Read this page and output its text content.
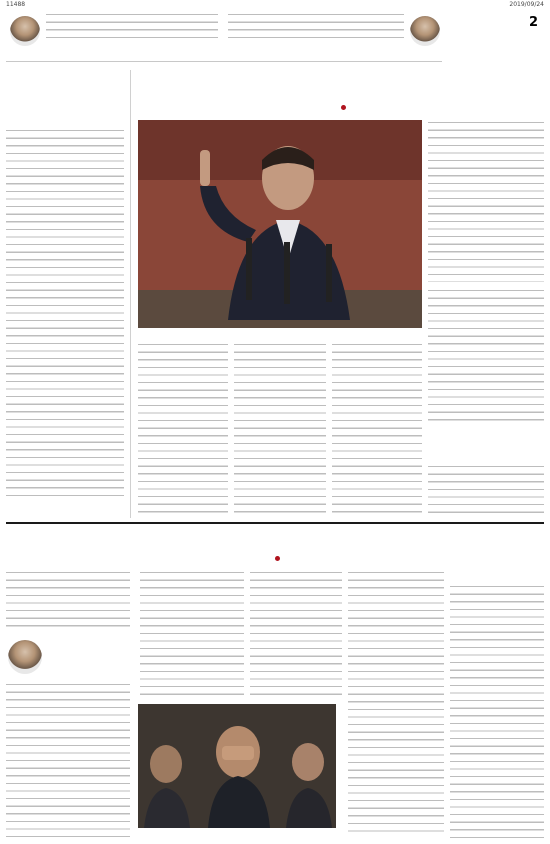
2019/09/24
11488
2
